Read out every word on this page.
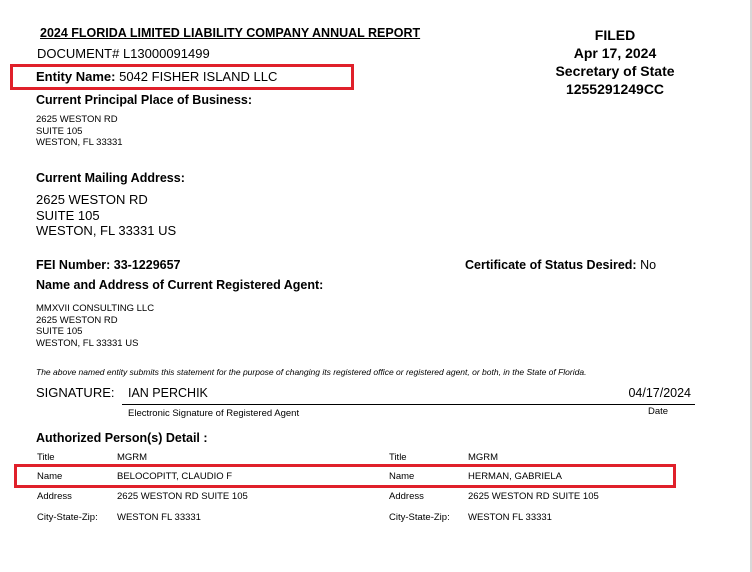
2024 FLORIDA LIMITED LIABILITY COMPANY ANNUAL REPORT
DOCUMENT# L13000091499
FILED
Apr 17, 2024
Secretary of State
1255291249CC
Entity Name: 5042 FISHER ISLAND LLC
Current Principal Place of Business:
2625 WESTON RD
SUITE 105
WESTON, FL 33331
Current Mailing Address:
2625 WESTON RD
SUITE 105
WESTON, FL 33331 US
FEI Number: 33-1229657	Certificate of Status Desired: No
Name and Address of Current Registered Agent:
MMXVII CONSULTING LLC
2625 WESTON RD
SUITE 105
WESTON, FL 33331 US
The above named entity submits this statement for the purpose of changing its registered office or registered agent, or both, in the State of Florida.
SIGNATURE: IAN PERCHIK	04/17/2024
Electronic Signature of Registered Agent	Date
Authorized Person(s) Detail :
Title	MGRM
Name	BELOCOPITT, CLAUDIO F
Address	2625 WESTON RD SUITE 105
City-State-Zip: WESTON FL 33331
Title	MGRM
Name	HERMAN, GABRIELA
Address	2625 WESTON RD SUITE 105
City-State-Zip: WESTON FL 33331
